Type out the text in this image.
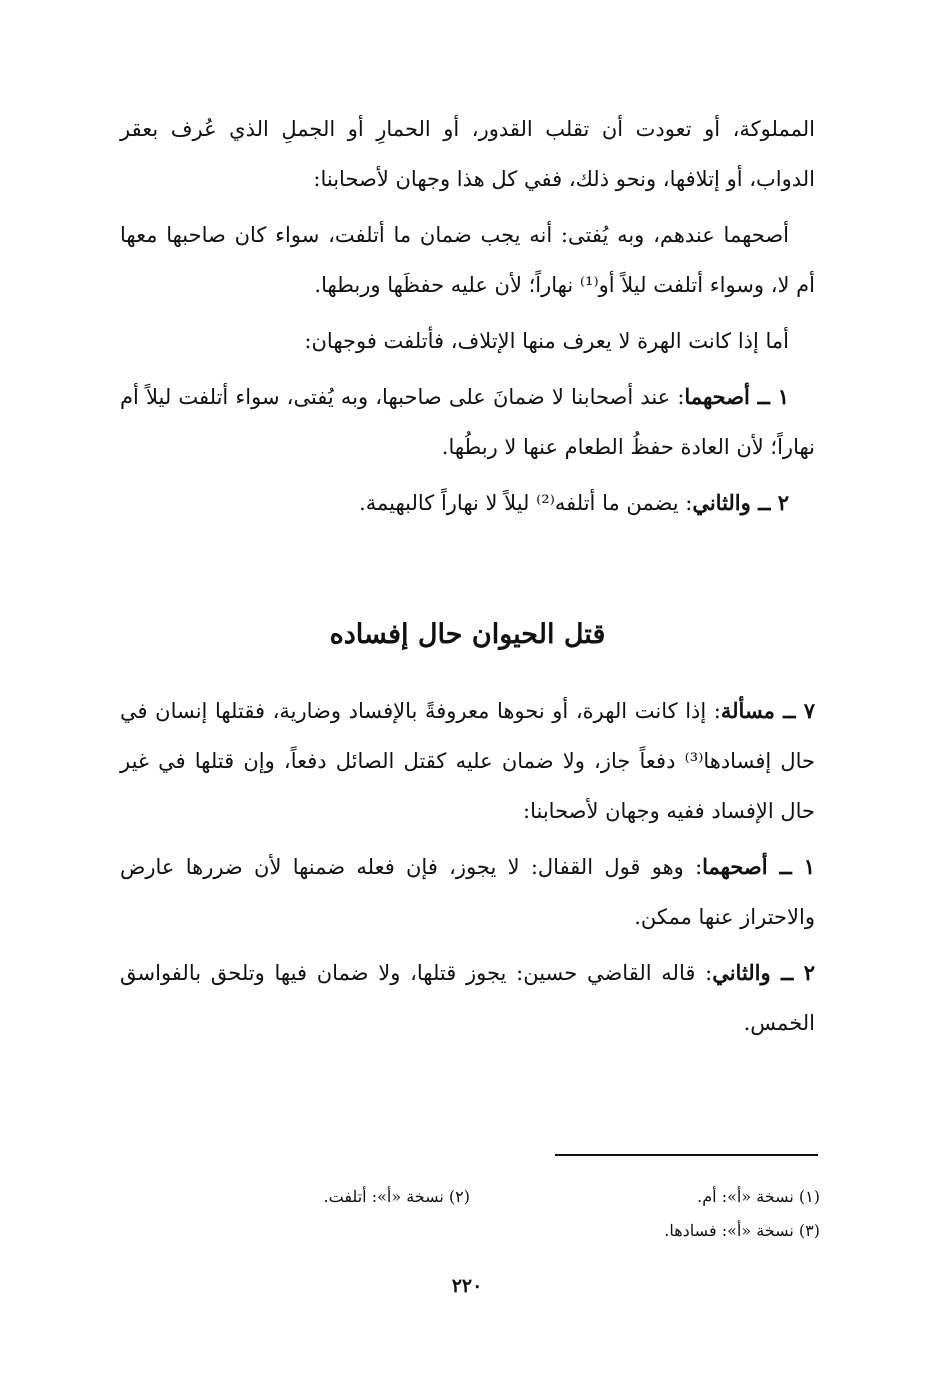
المملوكة، أو تعودت أن تقلب القدور، أو الحمارِ أو الجملِ الذي عُرف بعقر الدواب، أو إتلافها، ونحو ذلك، ففي كل هذا وجهان لأصحابنا:

أصحهما عندهم، وبه يُفتى: أنه يجب ضمان ما أتلفت، سواء كان صاحبها معها أم لا، وسواء أتلفت ليلاً أو⁽¹⁾ نهاراً؛ لأن عليه حفظَها وربطها.

أما إذا كانت الهرة لا يعرف منها الإتلاف، فأتلفت فوجهان:

١ ــ أصحهما: عند أصحابنا لا ضمانَ على صاحبها، وبه يُفتى، سواء أتلفت ليلاً أم نهاراً؛ لأن العادة حفظُ الطعام عنها لا ربطُها.

٢ ــ والثاني: يضمن ما أتلفه⁽²⁾ ليلاً لا نهاراً كالبهيمة.

قتل الحيوان حال إفساده

٧ ــ مسألة: إذا كانت الهرة، أو نحوها معروفةً بالإفساد وضارية، فقتلها إنسان في حال إفسادها⁽³⁾ دفعاً جاز، ولا ضمان عليه كقتل الصائل دفعاً، وإن قتلها في غير حال الإفساد ففيه وجهان لأصحابنا:

١ ــ أصحهما: وهو قول القفال: لا يجوز، فإن فعله ضمنها لأن ضررها عارض والاحتراز عنها ممكن.

٢ ــ والثاني: قاله القاضي حسين: يجوز قتلها، ولا ضمان فيها وتلحق بالفواسق الخمس.

(١) نسخة «أ»: أم.
(٢) نسخة «أ»: أتلفت.
(٣) نسخة «أ»: فسادها.
٢٢٠
